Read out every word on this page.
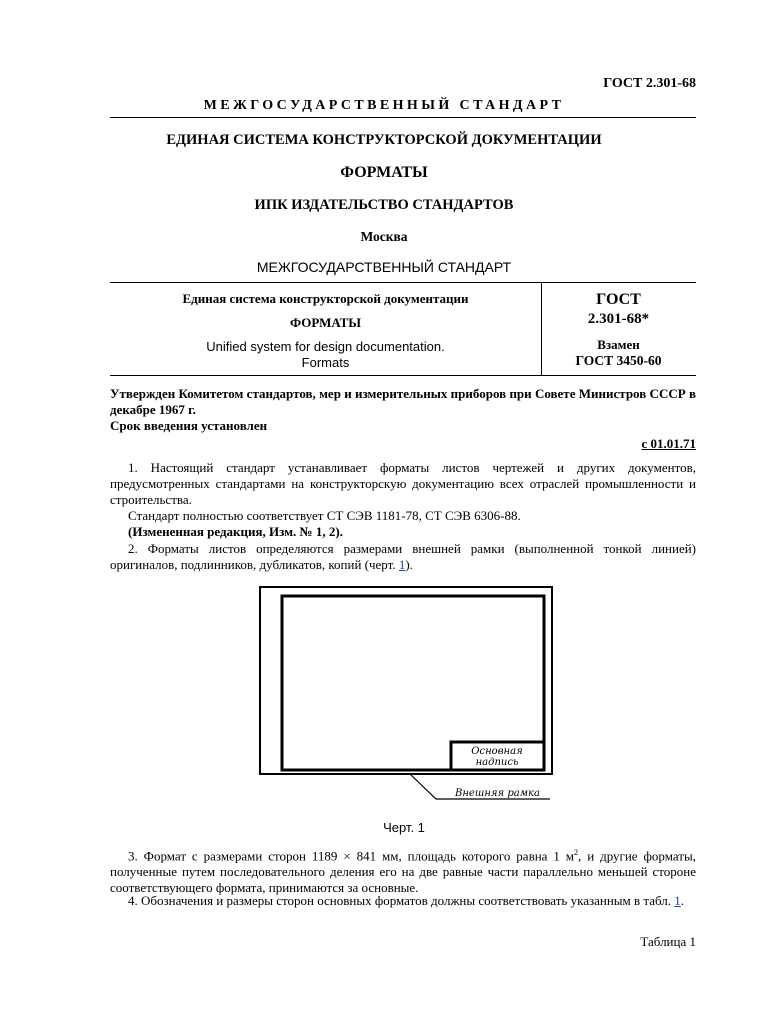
ГОСТ 2.301-68
МЕЖГОСУДАРСТВЕННЫЙ СТАНДАРТ
ЕДИНАЯ СИСТЕМА КОНСТРУКТОРСКОЙ ДОКУМЕНТАЦИИ
ФОРМАТЫ
ИПК ИЗДАТЕЛЬСТВО СТАНДАРТОВ
Москва
МЕЖГОСУДАРСТВЕННЫЙ СТАНДАРТ
Единая система конструкторской документации
ФОРМАТЫ
Unified system for design documentation.
Formats
ГОСТ
2.301-68*
Взамен
ГОСТ 3450-60

Утвержден Комитетом стандартов, мер и измерительных приборов при Совете Министров СССР в декабре 1967 г.

Срок введения установлен

с 01.01.71

1. Настоящий стандарт устанавливает форматы листов чертежей и других документов, предусмотренных стандартами на конструкторскую документацию всех отраслей промышленности и строительства.

Стандарт полностью соответствует СТ СЭВ 1181-78, СТ СЭВ 6306-88.

(Измененная редакция, Изм. № 1, 2).

2. Форматы листов определяются размерами внешней рамки (выполненной тонкой линией) оригиналов, подлинников, дубликатов, копий (черт. 1).

Основная
надпись
Внешняя рамка
Черт. 1

3. Формат с размерами сторон 1189 × 841 мм, площадь которого равна 1 $м^2$, и другие форматы, полученные путем последовательного деления его на две равные части параллельно меньшей стороне соответствующего формата, принимаются за основные.

4. Обозначения и размеры сторон основных форматов должны соответствовать указанным в табл. 1.

Таблица 1
